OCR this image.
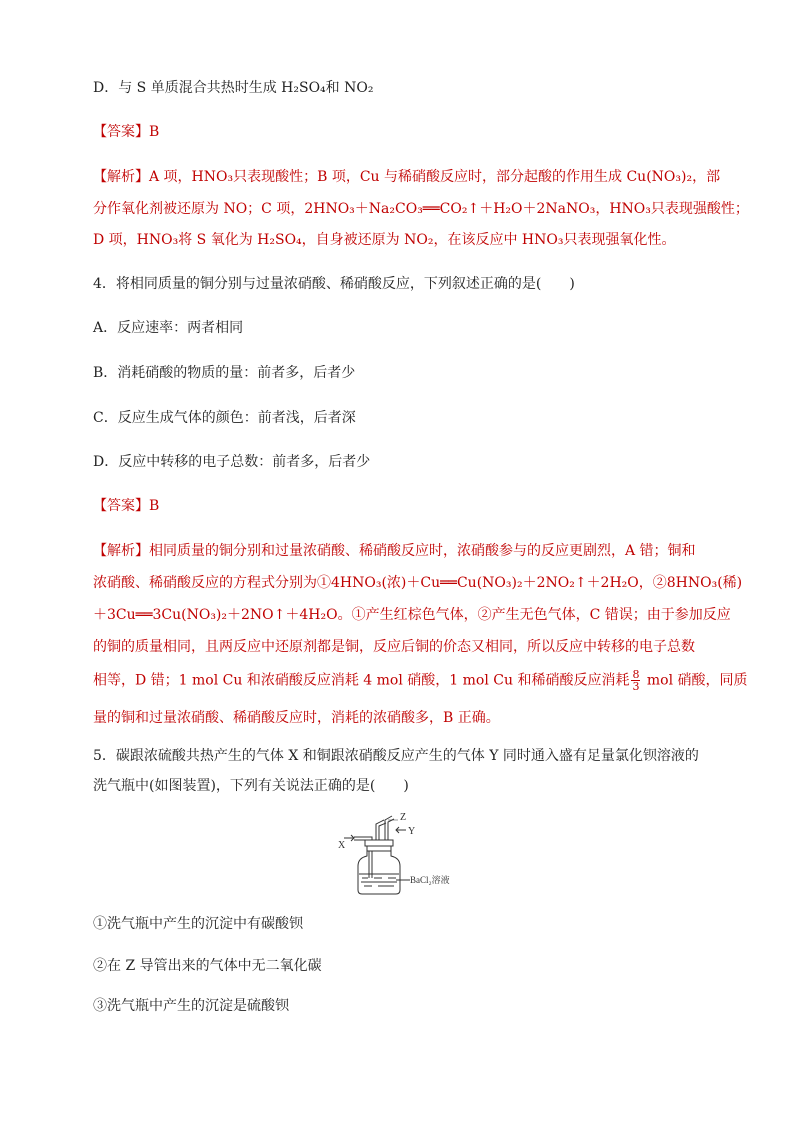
D．与 S 单质混合共热时生成 H₂SO₄和 NO₂
【答案】B
【解析】A 项，HNO₃只表现酸性；B 项，Cu 与稀硝酸反应时，部分起酸的作用生成 Cu(NO₃)₂，部
分作氧化剂被还原为 NO；C 项，2HNO₃＋Na₂CO₃══CO₂↑＋H₂O＋2NaNO₃，HNO₃只表现强酸性；
D 项，HNO₃将 S 氧化为 H₂SO₄，自身被还原为 NO₂，在该反应中 HNO₃只表现强氧化性。
4．将相同质量的铜分别与过量浓硝酸、稀硝酸反应，下列叙述正确的是(　　)
A．反应速率：两者相同
B．消耗硝酸的物质的量：前者多，后者少
C．反应生成气体的颜色：前者浅，后者深
D．反应中转移的电子总数：前者多，后者少
【答案】B
【解析】相同质量的铜分别和过量浓硝酸、稀硝酸反应时，浓硝酸参与的反应更剧烈，A 错；铜和
浓硝酸、稀硝酸反应的方程式分别为①4HNO₃(浓)＋Cu══Cu(NO₃)₂＋2NO₂↑＋2H₂O，②8HNO₃(稀)
＋3Cu══3Cu(NO₃)₂＋2NO↑＋4H₂O。①产生红棕色气体，②产生无色气体，C 错误；由于参加反应
的铜的质量相同，且两反应中还原剂都是铜，反应后铜的价态又相同，所以反应中转移的电子总数
相等，D 错；1 mol Cu 和浓硝酸反应消耗 4 mol 硝酸，1 mol Cu 和稀硝酸反应消耗 $\frac{8}{3}$ mol 硝酸，同质
量的铜和过量浓硝酸、稀硝酸反应时，消耗的浓硝酸多，B 正确。
5．碳跟浓硫酸共热产生的气体 X 和铜跟浓硝酸反应产生的气体 Y 同时通入盛有足量氯化钡溶液的
洗气瓶中(如图装置)，下列有关说法正确的是(　　)
X
Z
Y
BaCl₂溶液
①洗气瓶中产生的沉淀中有碳酸钡
②在 Z 导管出来的气体中无二氧化碳
③洗气瓶中产生的沉淀是硫酸钡
